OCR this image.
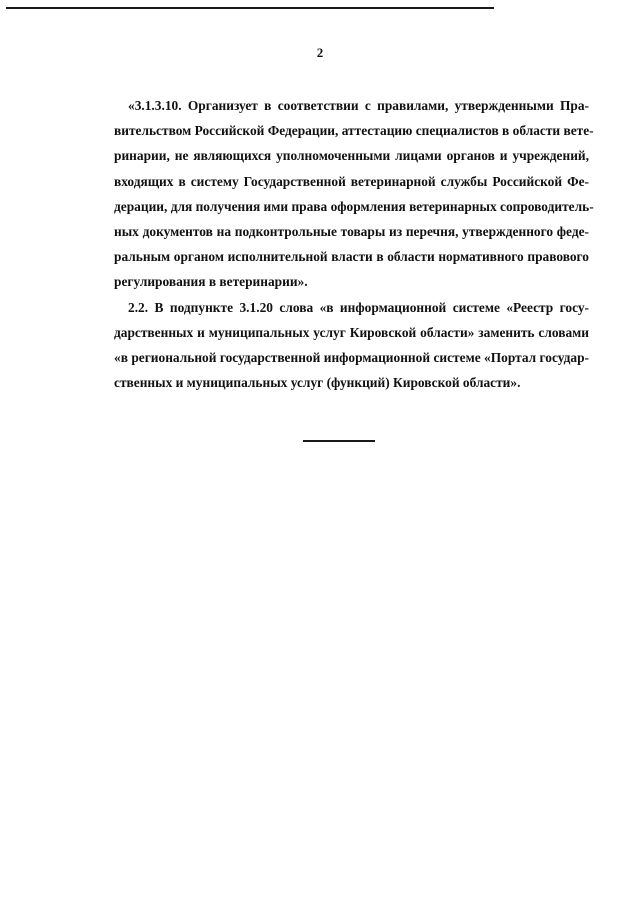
2
«3.1.3.10. Организует в соответствии с правилами, утвержденными Пра-
вительством Российской Федерации, аттестацию специалистов в области вете-
ринарии, не являющихся уполномоченными лицами органов и учреждений,
входящих в систему Государственной ветеринарной службы Российской Фе-
дерации, для получения ими права оформления ветеринарных сопроводитель-
ных документов на подконтрольные товары из перечня, утвержденного феде-
ральным органом исполнительной власти в области нормативного правового
регулирования в ветеринарии».
2.2. В подпункте 3.1.20 слова «в информационной системе «Реестр госу-
дарственных и муниципальных услуг Кировской области» заменить словами
«в региональной государственной информационной системе «Портал государ-
ственных и муниципальных услуг (функций) Кировской области».
